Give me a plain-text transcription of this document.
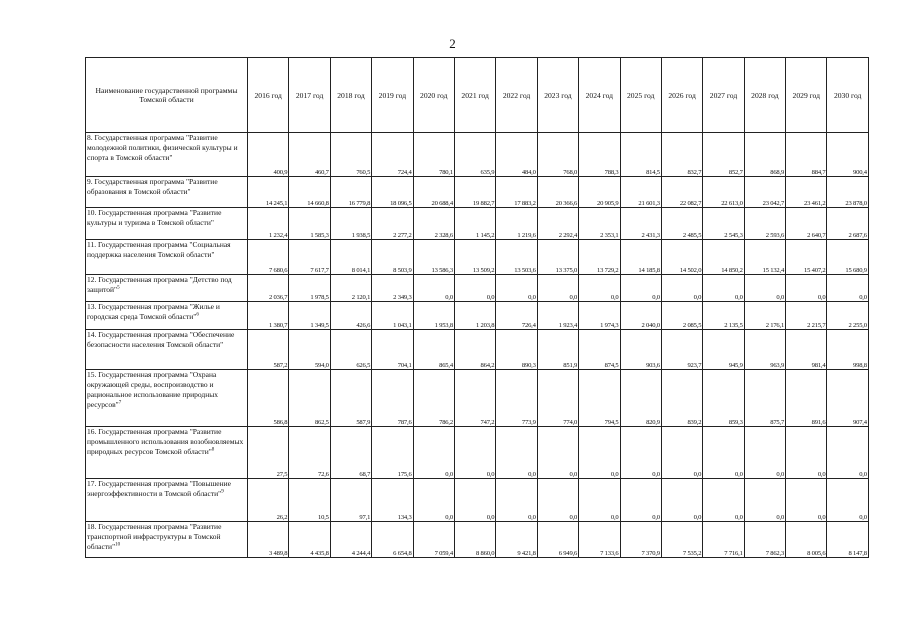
2
Наименование государственной программы Томской области	2016 год	2017 год	2018 год	2019 год	2020 год	2021 год	2022 год	2023 год	2024 год	2025 год	2026 год	2027 год	2028 год	2029 год	2030 год
8. Государственная программа "Развитие молодежной политики, физической культуры и спорта в Томской области"	400,9	460,7	760,5	724,4	780,1	635,9	484,0	768,0	788,3	814,5	832,7	852,7	868,9	884,7	900,4
9. Государственная программа "Развитие образования в Томской области"	14 245,1	14 660,8	16 779,8	18 096,5	20 688,4	19 882,7	17 883,2	20 366,6	20 905,9	21 601,3	22 082,7	22 613,0	23 042,7	23 461,2	23 878,0
10. Государственная программа "Развитие культуры и туризма в Томской области"	1 232,4	1 585,3	1 938,5	2 277,2	2 328,6	1 145,2	1 219,6	2 292,4	2 353,1	2 431,3	2 485,5	2 545,3	2 593,6	2 640,7	2 687,6
11. Государственная программа "Социальная поддержка населения Томской области"	7 680,6	7 617,7	8 014,1	8 503,9	13 586,3	13 509,2	13 503,6	13 375,0	13 729,2	14 185,8	14 502,0	14 850,2	15 132,4	15 407,2	15 680,9
12. Государственная программа "Детство под защитой"$^5$	2 036,7	1 978,5	2 120,1	2 349,3	0,0	0,0	0,0	0,0	0,0	0,0	0,0	0,0	0,0	0,0	0,0
13. Государственная программа "Жилье и городская среда Томской области"$^6$	1 380,7	1 349,5	426,6	1 043,1	1 953,8	1 203,8	726,4	1 923,4	1 974,3	2 040,0	2 085,5	2 135,5	2 176,1	2 215,7	2 255,0
14. Государственная программа "Обеспечение безопасности населения Томской области"	587,2	594,0	626,5	704,1	865,4	864,2	890,3	851,9	874,5	903,6	923,7	945,9	963,9	981,4	998,8
15. Государственная программа "Охрана окружающей среды, воспроизводство и рациональное использование природных ресурсов"$^7$	586,8	862,5	587,9	787,6	786,2	747,2	773,9	774,0	794,5	820,9	839,2	859,3	875,7	891,6	907,4
16. Государственная программа "Развитие промышленного использования возобновляемых природных ресурсов Томской области"$^8$	27,5	72,6	68,7	175,6	0,0	0,0	0,0	0,0	0,0	0,0	0,0	0,0	0,0	0,0	0,0
17. Государственная программа "Повышение энергоэффективности в Томской области"$^9$	26,2	10,5	97,1	134,3	0,0	0,0	0,0	0,0	0,0	0,0	0,0	0,0	0,0	0,0	0,0
18. Государственная программа "Развитие транспортной инфраструктуры в Томской области"$^{10}$	3 489,8	4 435,8	4 244,4	6 654,8	7 059,4	8 860,0	9 421,8	6 949,6	7 133,6	7 370,9	7 535,2	7 716,1	7 862,3	8 005,6	8 147,8
